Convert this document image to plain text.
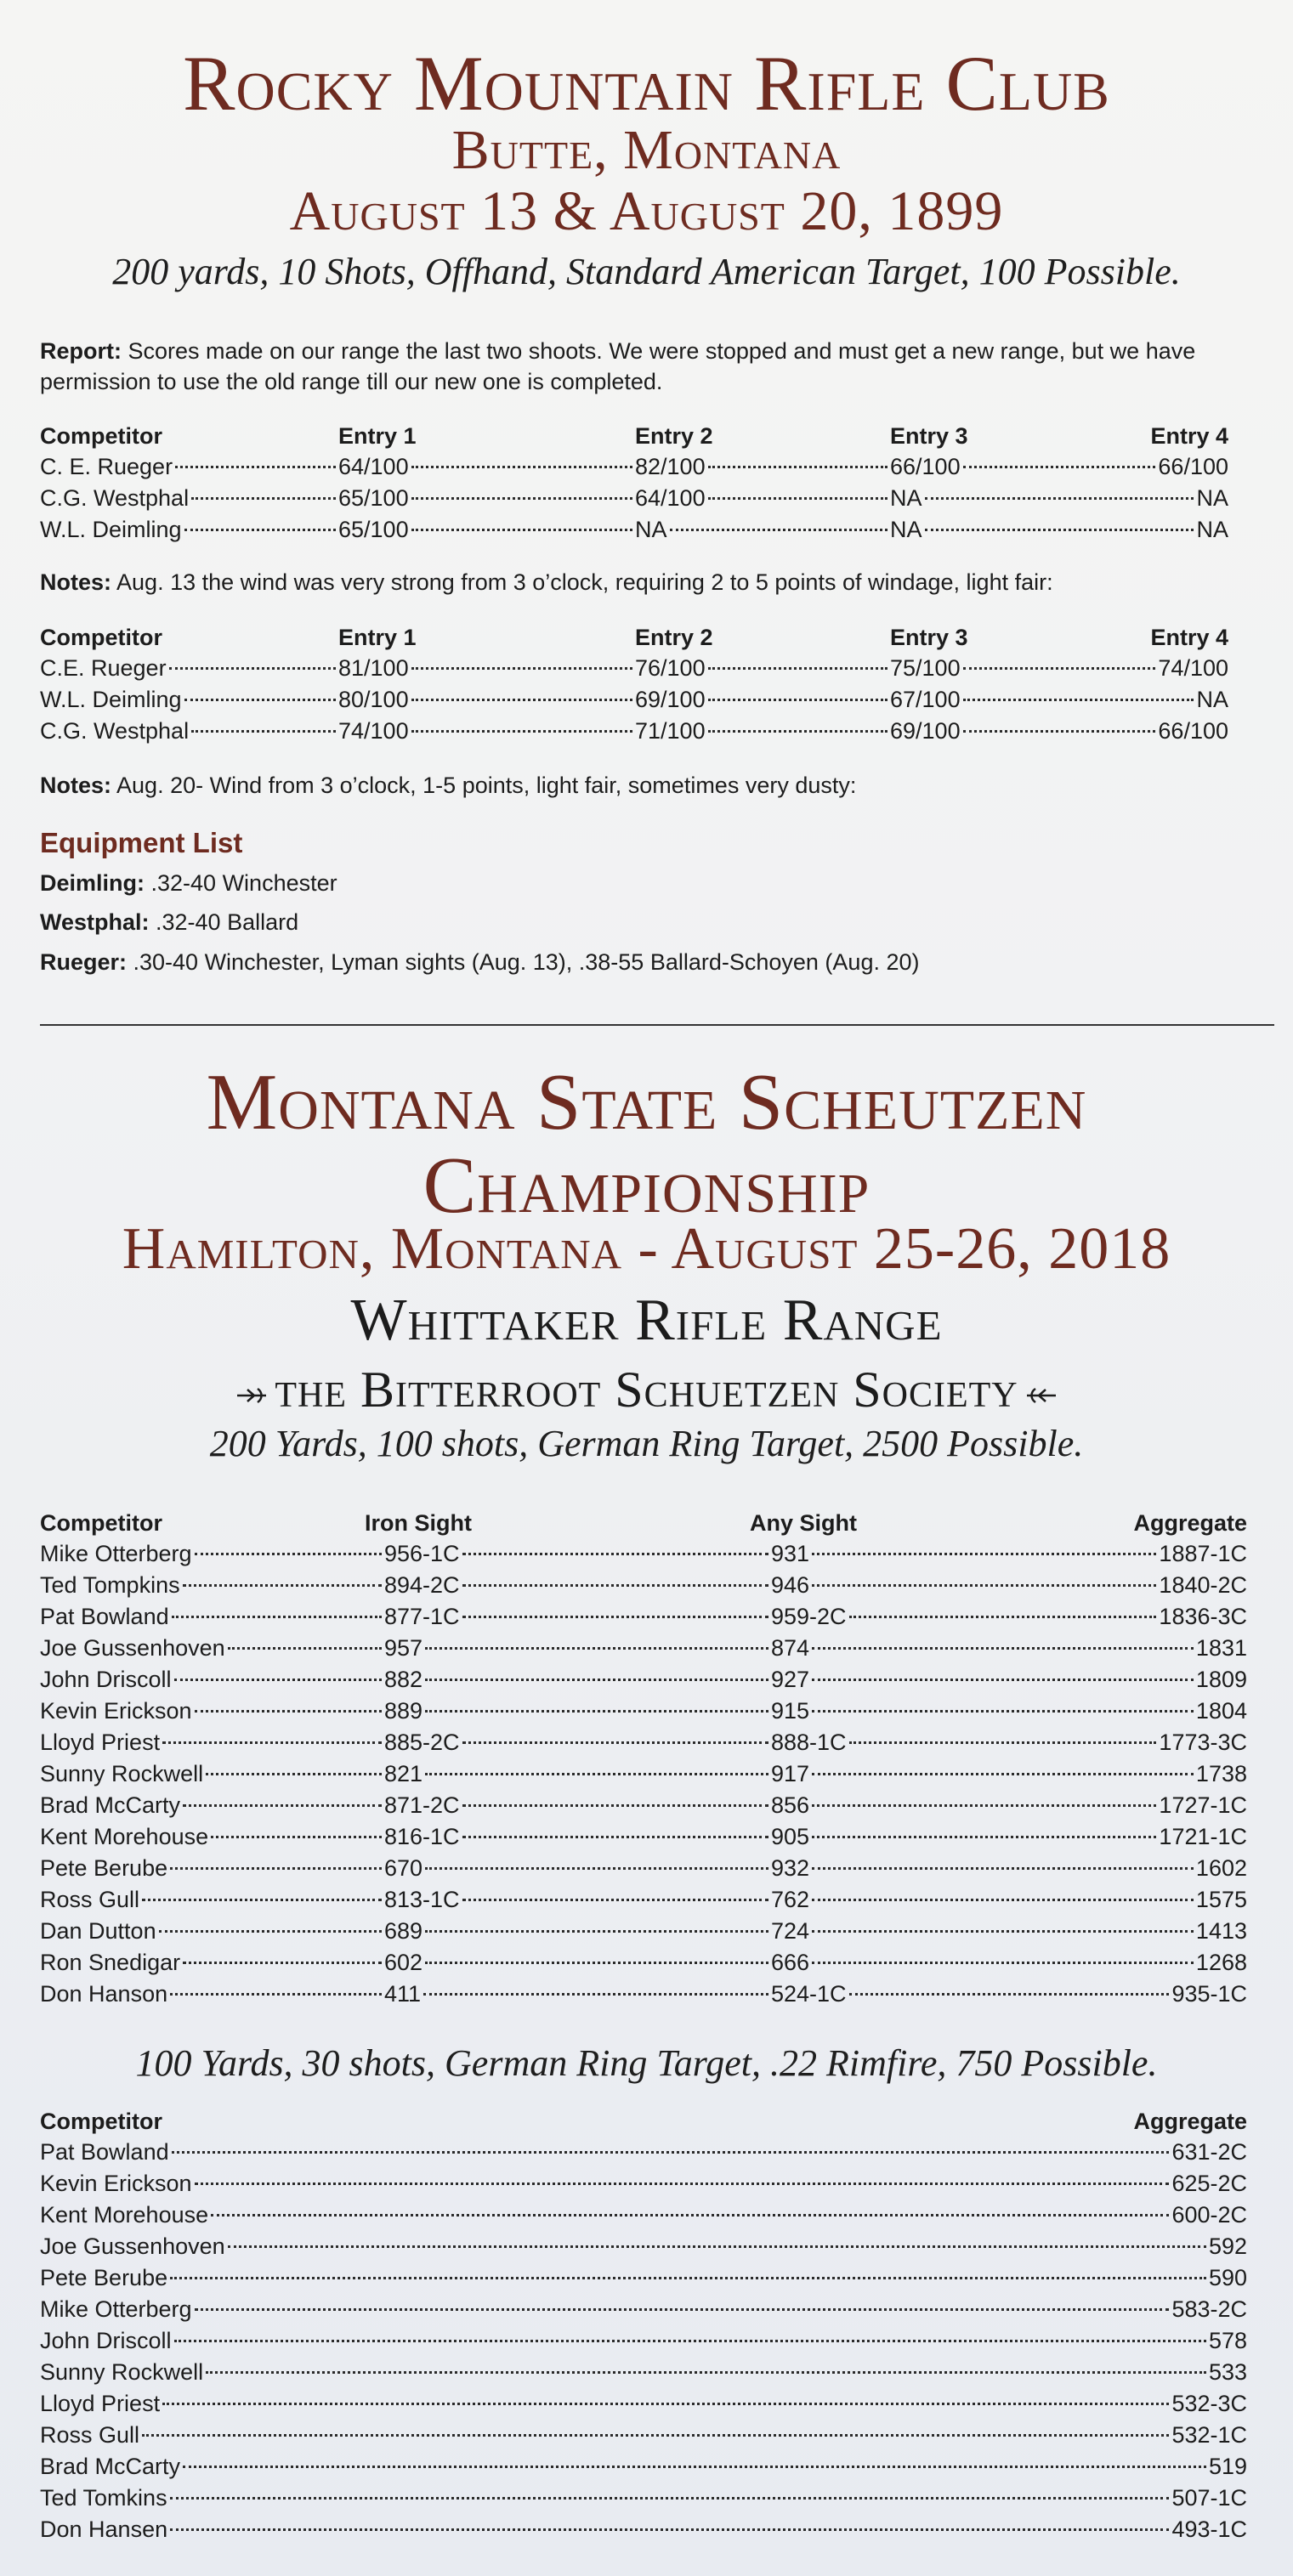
Rocky Mountain Rifle Club
Butte, Montana
August 13 & August 20, 1899
200 yards, 10 Shots, Offhand, Standard American Target, 100 Possible.
Report: Scores made on our range the last two shoots. We were stopped and must get a new range, but we have permission to use the old range till our new one is completed.
Competitor	Entry 1	Entry 2	Entry 3	Entry 4
C. E. Rueger	64/100	82/100	66/100	66/100
C.G. Westphal	65/100	64/100	NA	NA
W.L. Deimling	65/100	NA	NA	NA
Notes: Aug. 13 the wind was very strong from 3 o’clock, requiring 2 to 5 points of windage, light fair:
Competitor	Entry 1	Entry 2	Entry 3	Entry 4
C.E. Rueger	81/100	76/100	75/100	74/100
W.L. Deimling	80/100	69/100	67/100	NA
C.G. Westphal	74/100	71/100	69/100	66/100
Notes: Aug. 20- Wind from 3 o’clock, 1-5 points, light fair, sometimes very dusty:
Equipment List
Deimling: .32-40 Winchester
Westphal: .32-40 Ballard
Rueger: .30-40 Winchester, Lyman sights (Aug. 13), .38-55 Ballard-Schoyen (Aug. 20)
Montana State Scheutzen
Championship
Hamilton, Montana - August 25-26, 2018
Whittaker Rifle Range
the Bitterroot Schuetzen Society
200 Yards, 100 shots, German Ring Target, 2500 Possible.
Competitor	Iron Sight	Any Sight	Aggregate
Mike Otterberg	956-1C	931	1887-1C
Ted Tompkins	894-2C	946	1840-2C
Pat Bowland	877-1C	959-2C	1836-3C
Joe Gussenhoven	957	874	1831
John Driscoll	882	927	1809
Kevin Erickson	889	915	1804
Lloyd Priest	885-2C	888-1C	1773-3C
Sunny Rockwell	821	917	1738
Brad McCarty	871-2C	856	1727-1C
Kent Morehouse	816-1C	905	1721-1C
Pete Berube	670	932	1602
Ross Gull	813-1C	762	1575
Dan Dutton	689	724	1413
Ron Snedigar	602	666	1268
Don Hanson	411	524-1C	935-1C
100 Yards, 30 shots, German Ring Target, .22 Rimfire, 750 Possible.
Competitor	Aggregate
Pat Bowland	631-2C
Kevin Erickson	625-2C
Kent Morehouse	600-2C
Joe Gussenhoven	592
Pete Berube	590
Mike Otterberg	583-2C
John Driscoll	578
Sunny Rockwell	533
Lloyd Priest	532-3C
Ross Gull	532-1C
Brad McCarty	519
Ted Tomkins	507-1C
Don Hansen	493-1C
